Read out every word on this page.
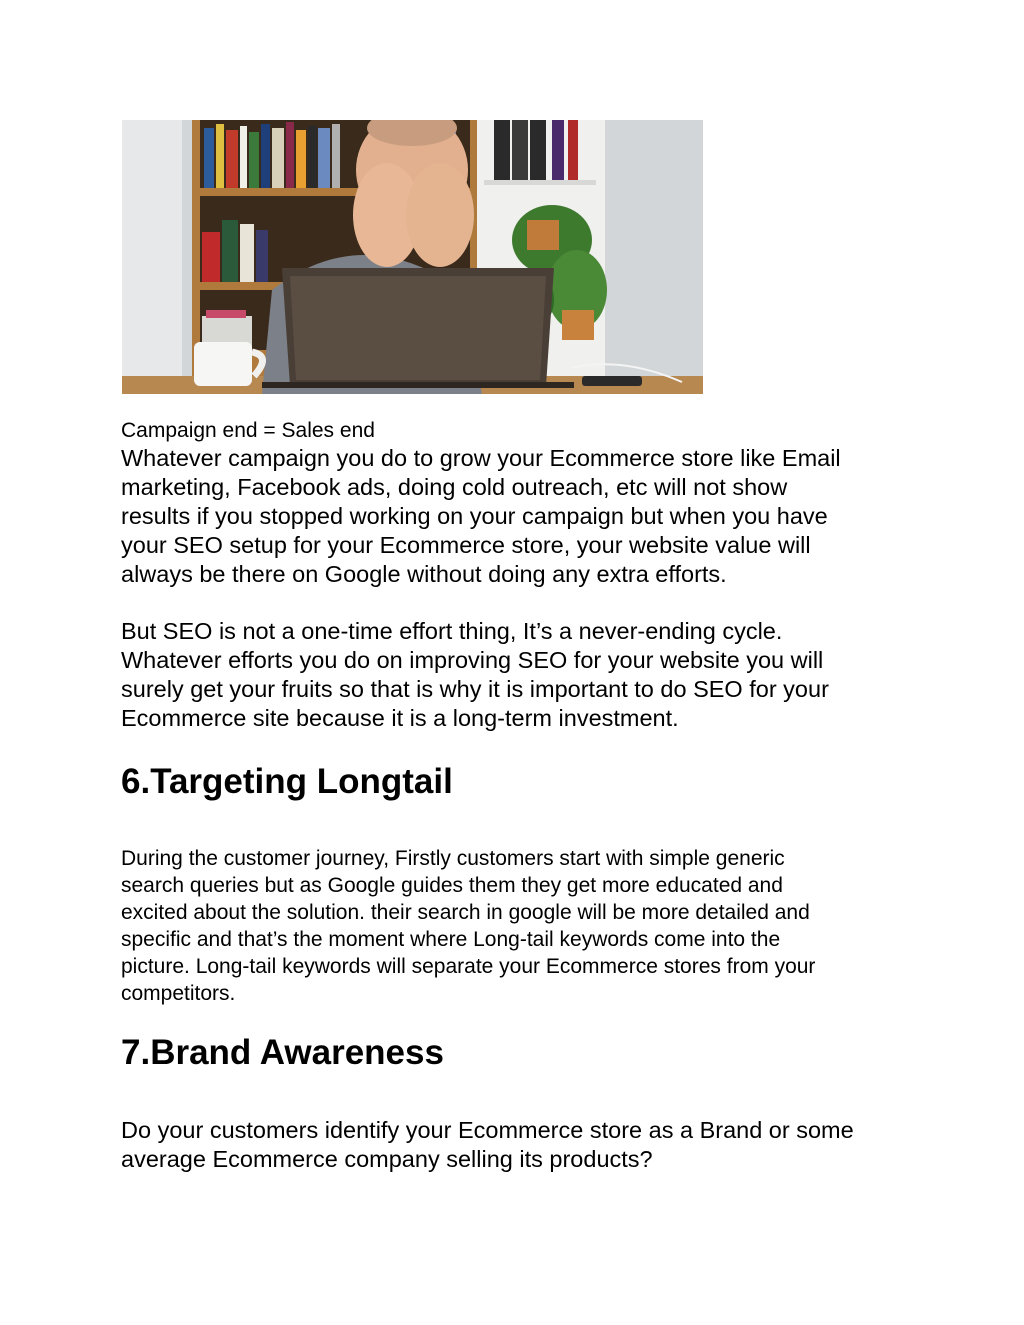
Campaign end = Sales end

Whatever campaign you do to grow your Ecommerce store like Email
marketing, Facebook ads, doing cold outreach, etc will not show
results if you stopped working on your campaign but when you have
your SEO setup for your Ecommerce store, your website value will
always be there on Google without doing any extra efforts.

But SEO is not a one-time effort thing, It’s a never-ending cycle.
Whatever efforts you do on improving SEO for your website you will
surely get your fruits so that is why it is important to do SEO for your
Ecommerce site because it is a long-term investment.

6.Targeting Longtail

During the customer journey, Firstly customers start with simple generic
search queries but as Google guides them they get more educated and
excited about the solution. their search in google will be more detailed and
specific and that’s the moment where Long-tail keywords come into the
picture. Long-tail keywords will separate your Ecommerce stores from your
competitors.

7.Brand Awareness

Do your customers identify your Ecommerce store as a Brand or some
average Ecommerce company selling its products?
